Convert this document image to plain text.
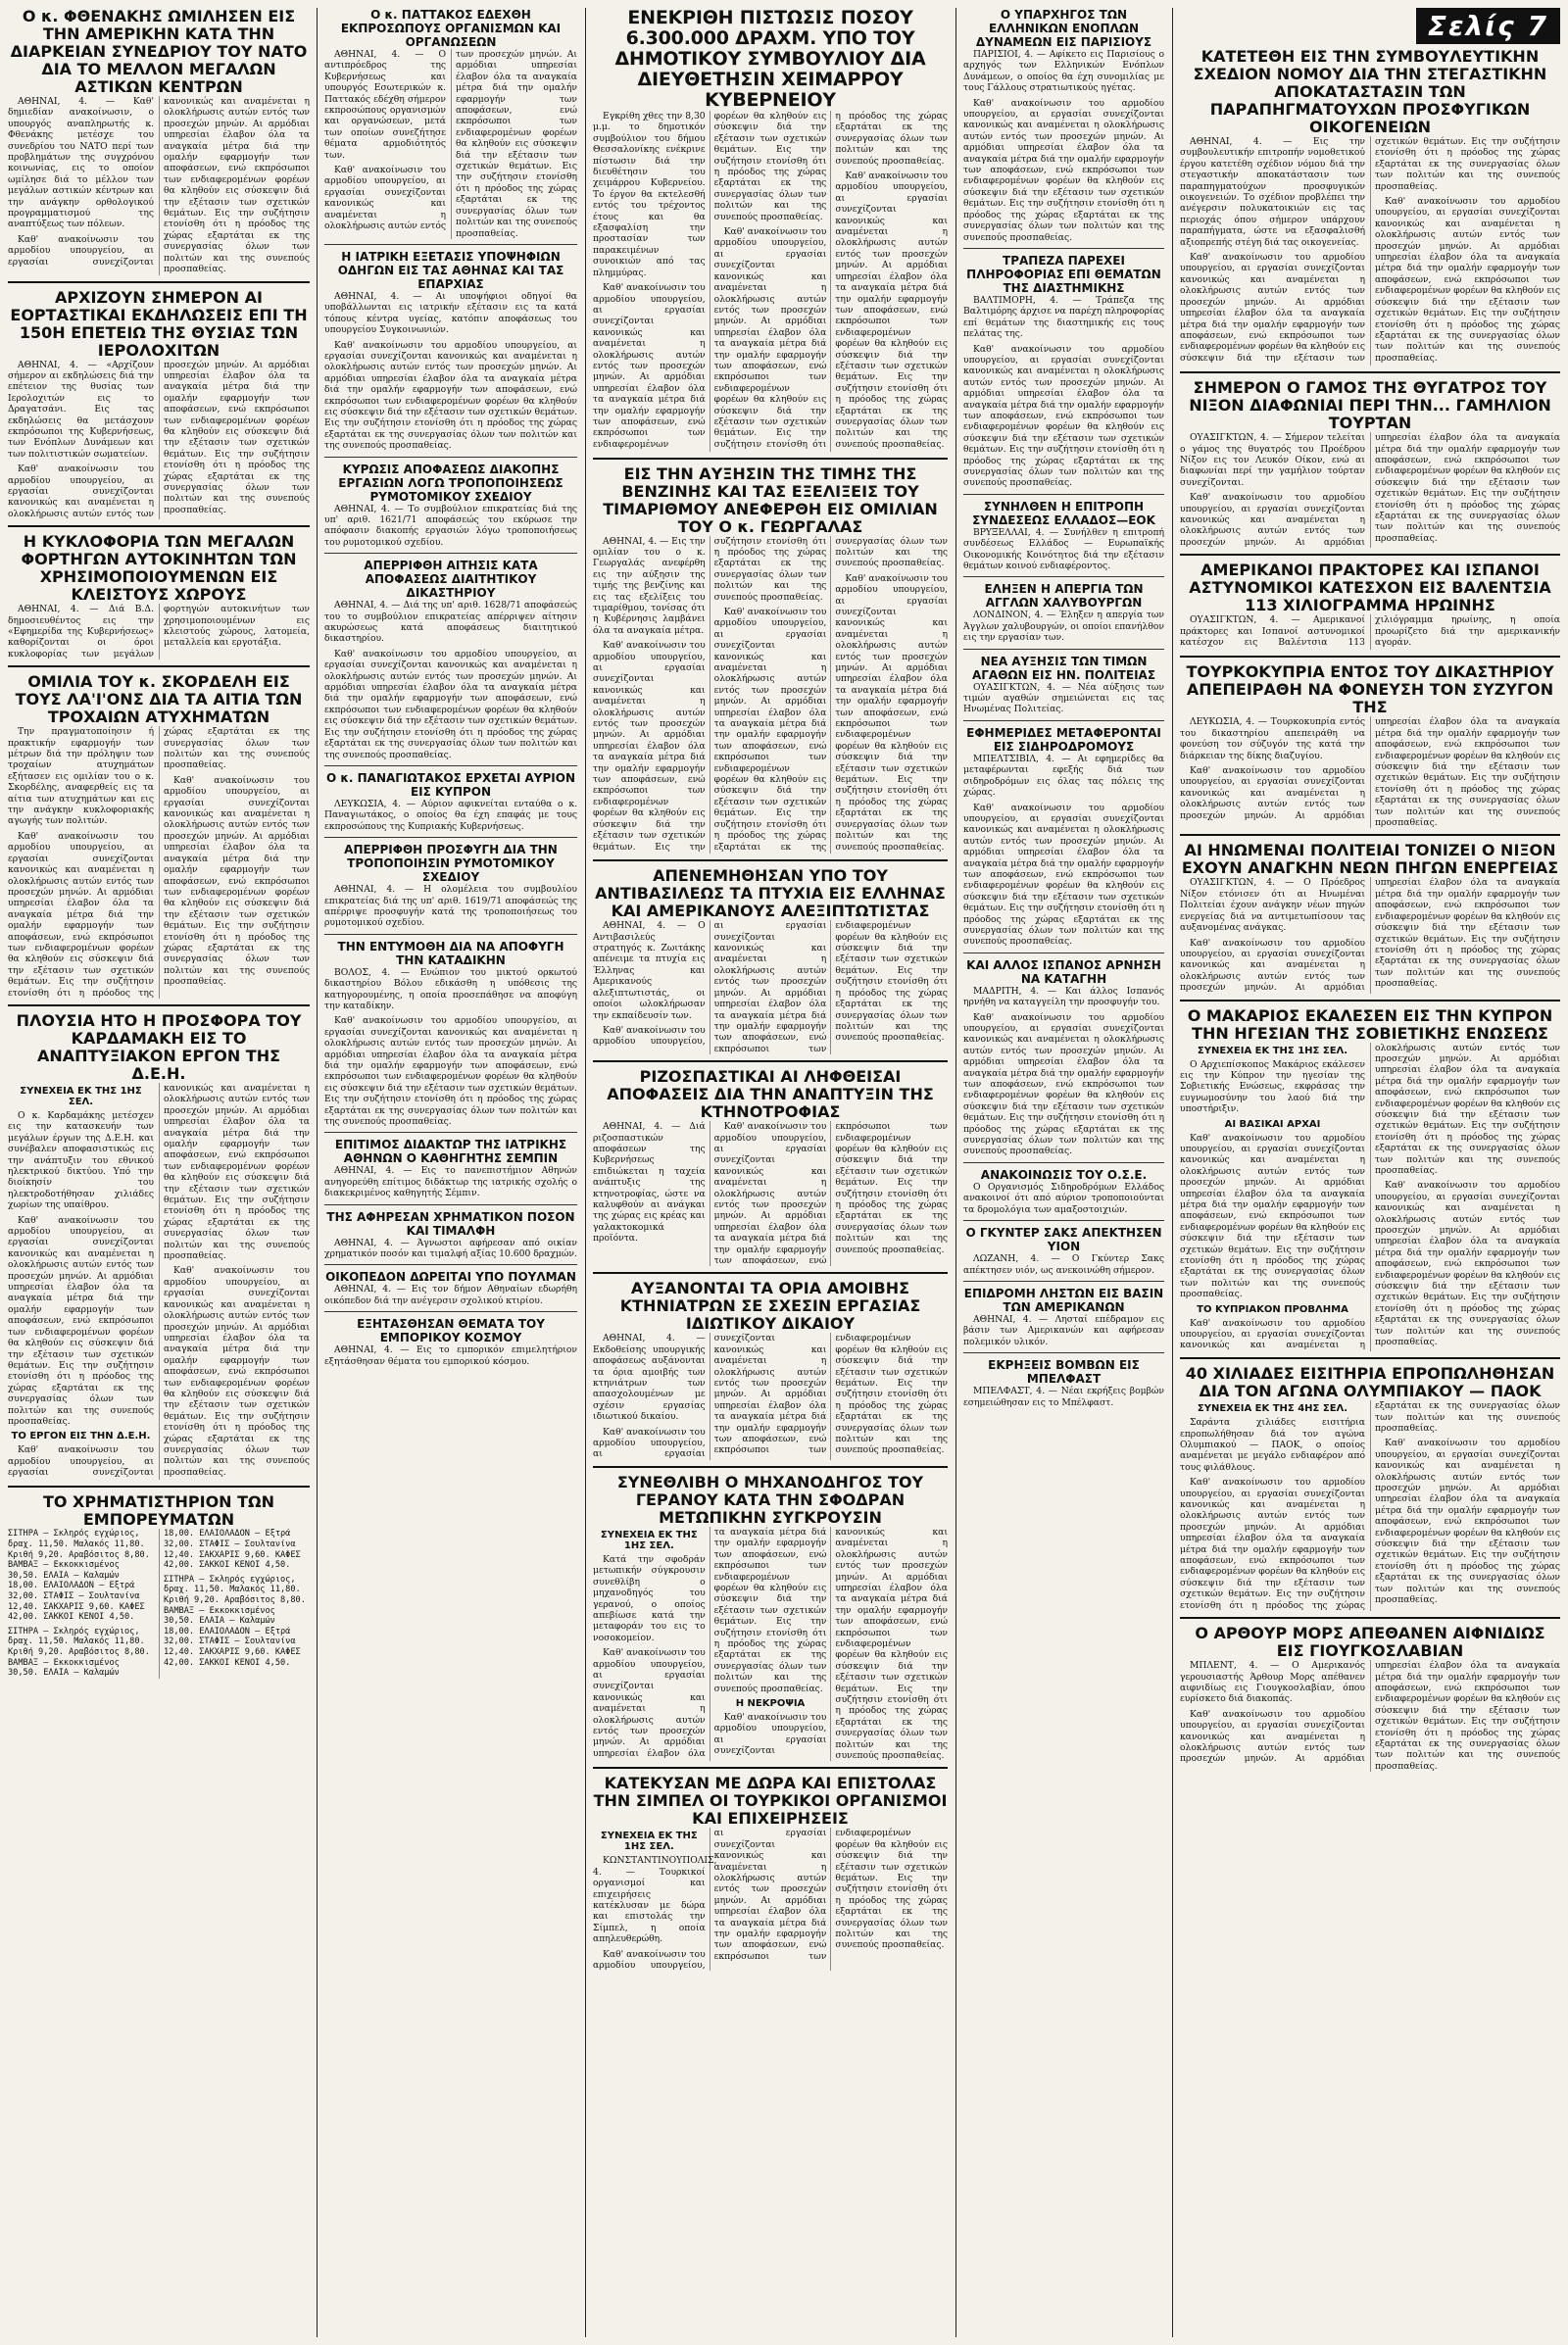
Ο κ. ΦΘΕΝΑΚΗΣ ΩΜΙΛΗΣΕΝ ΕΙΣ ΤΗΝ ΑΜΕΡΙΚΗΝ ΚΑΤΑ ΤΗΝ ΔΙΑΡΚΕΙΑΝ ΣΥΝΕΔΡΙΟΥ ΤΟΥ ΝΑΤΟ ΔΙΑ ΤΟ ΜΕΛΛΟΝ ΜΕΓΑΛΩΝ ΑΣΤΙΚΩΝ ΚΕΝΤΡΩΝ

ΑΘΗΝΑΙ, 4. — Καθ' δημιεδίαν ανακοίνωσιν, ο υπουργός αναπληρωτής κ. Φθενάκης μετέσχε του συνεδρίου του ΝΑΤΟ περί των προβλημάτων της συγχρόνου κοινωνίας, εις το οποίον ωμίλησε διά το μέλλον των μεγάλων αστικών κέντρων και την ανάγκην ορθολογικού προγραμματισμού της αναπτύξεως των πόλεων.

Καθ' ανακοίνωσιν του αρμοδίου υπουργείου, αι εργασίαι συνεχίζονται κανονικώς και αναμένεται η ολοκλήρωσις αυτών εντός των προσεχών μηνών. Αι αρμόδιαι υπηρεσίαι έλαβον όλα τα αναγκαία μέτρα διά την ομαλήν εφαρμογήν των αποφάσεων, ενώ εκπρόσωποι των ενδιαφερομένων φορέων θα κληθούν εις σύσκεψιν διά την εξέτασιν των σχετικών θεμάτων. Εις την συζήτησιν ετονίσθη ότι η πρόοδος της χώρας εξαρτάται εκ της συνεργασίας όλων των πολιτών και της συνεπούς προσπαθείας.

ΑΡΧΙΖΟΥΝ ΣΗΜΕΡΟΝ ΑΙ ΕΟΡΤΑΣΤΙΚΑΙ ΕΚΔΗΛΩΣΕΙΣ ΕΠΙ ΤΗ 150Η ΕΠΕΤΕΙΩ ΤΗΣ ΘΥΣΙΑΣ ΤΩΝ ΙΕΡΟΛΟΧΙΤΩΝ

ΑΘΗΝΑΙ, 4. — «Αρχίζουν σήμερον αι εκδηλώσεις διά την επέτειον της θυσίας των Ιερολοχιτών εις το Δραγατσάνι. Εις τας εκδηλώσεις θα μετάσχουν εκπρόσωποι της Κυβερνήσεως, των Ενόπλων Δυνάμεων και των πολιτιστικών σωματείων.

Καθ' ανακοίνωσιν του αρμοδίου υπουργείου, αι εργασίαι συνεχίζονται κανονικώς και αναμένεται η ολοκλήρωσις αυτών εντός των προσεχών μηνών. Αι αρμόδιαι υπηρεσίαι έλαβον όλα τα αναγκαία μέτρα διά την ομαλήν εφαρμογήν των αποφάσεων, ενώ εκπρόσωποι των ενδιαφερομένων φορέων θα κληθούν εις σύσκεψιν διά την εξέτασιν των σχετικών θεμάτων. Εις την συζήτησιν ετονίσθη ότι η πρόοδος της χώρας εξαρτάται εκ της συνεργασίας όλων των πολιτών και της συνεπούς προσπαθείας.

Η ΚΥΚΛΟΦΟΡΙΑ ΤΩΝ ΜΕΓΑΛΩΝ ΦΟΡΤΗΓΩΝ ΑΥΤΟΚΙΝΗΤΩΝ ΤΩΝ ΧΡΗΣΙΜΟΠΟΙΟΥΜΕΝΩΝ ΕΙΣ ΚΛΕΙΣΤΟΥΣ ΧΩΡΟΥΣ

ΑΘΗΝΑΙ, 4. — Διά Β.Δ. δημοσιευθέντος εις την «Εφημερίδα της Κυβερνήσεως» καθορίζονται οι όροι κυκλοφορίας των μεγάλων φορτηγών αυτοκινήτων των χρησιμοποιουμένων εις κλειστούς χώρους, λατομεία, μεταλλεία και εργοτάξια.

ΟΜΙΛΙΑ ΤΟΥ κ. ΣΚΟΡΔΕΛΗ ΕΙΣ ΤΟΥΣ ΛΑ'Ι'ΟΝΣ ΔΙΑ ΤΑ ΑΙΤΙΑ ΤΩΝ ΤΡΟΧΑΙΩΝ ΑΤΥΧΗΜΑΤΩΝ

Την πραγματοποίησιν ή πρακτικήν εφαρμογήν των μέτρων διά την πρόληψιν των τροχαίων ατυχημάτων εξήτασεν εις ομιλίαν του ο κ. Σκορδέλης, αναφερθείς εις τα αίτια των ατυχημάτων και εις την ανάγκην κυκλοφοριακής αγωγής των πολιτών.

Καθ' ανακοίνωσιν του αρμοδίου υπουργείου, αι εργασίαι συνεχίζονται κανονικώς και αναμένεται η ολοκλήρωσις αυτών εντός των προσεχών μηνών. Αι αρμόδιαι υπηρεσίαι έλαβον όλα τα αναγκαία μέτρα διά την ομαλήν εφαρμογήν των αποφάσεων, ενώ εκπρόσωποι των ενδιαφερομένων φορέων θα κληθούν εις σύσκεψιν διά την εξέτασιν των σχετικών θεμάτων. Εις την συζήτησιν ετονίσθη ότι η πρόοδος της χώρας εξαρτάται εκ της συνεργασίας όλων των πολιτών και της συνεπούς προσπαθείας.

Καθ' ανακοίνωσιν του αρμοδίου υπουργείου, αι εργασίαι συνεχίζονται κανονικώς και αναμένεται η ολοκλήρωσις αυτών εντός των προσεχών μηνών. Αι αρμόδιαι υπηρεσίαι έλαβον όλα τα αναγκαία μέτρα διά την ομαλήν εφαρμογήν των αποφάσεων, ενώ εκπρόσωποι των ενδιαφερομένων φορέων θα κληθούν εις σύσκεψιν διά την εξέτασιν των σχετικών θεμάτων. Εις την συζήτησιν ετονίσθη ότι η πρόοδος της χώρας εξαρτάται εκ της συνεργασίας όλων των πολιτών και της συνεπούς προσπαθείας.

ΠΛΟΥΣΙΑ ΗΤΟ Η ΠΡΟΣΦΟΡΑ ΤΟΥ ΚΑΡΔΑΜΑΚΗ ΕΙΣ ΤΟ ΑΝΑΠΤΥΞΙΑΚΟΝ ΕΡΓΟΝ ΤΗΣ Δ.Ε.Η.
ΣΥΝΕΧΕΙΑ ΕΚ ΤΗΣ 1ΗΣ ΣΕΛ.

Ο κ. Καρδαμάκης μετέσχεν εις την κατασκευήν των μεγάλων έργων της Δ.Ε.Η. και συνέβαλεν αποφασιστικώς εις την ανάπτυξιν του εθνικού ηλεκτρικού δικτύου. Υπό την διοίκησίν του ηλεκτροδοτήθησαν χιλιάδες χωρίων της υπαίθρου.

Καθ' ανακοίνωσιν του αρμοδίου υπουργείου, αι εργασίαι συνεχίζονται κανονικώς και αναμένεται η ολοκλήρωσις αυτών εντός των προσεχών μηνών. Αι αρμόδιαι υπηρεσίαι έλαβον όλα τα αναγκαία μέτρα διά την ομαλήν εφαρμογήν των αποφάσεων, ενώ εκπρόσωποι των ενδιαφερομένων φορέων θα κληθούν εις σύσκεψιν διά την εξέτασιν των σχετικών θεμάτων. Εις την συζήτησιν ετονίσθη ότι η πρόοδος της χώρας εξαρτάται εκ της συνεργασίας όλων των πολιτών και της συνεπούς προσπαθείας.

ΤΟ ΕΡΓΟΝ ΕΙΣ ΤΗΝ Δ.Ε.Η.

Καθ' ανακοίνωσιν του αρμοδίου υπουργείου, αι εργασίαι συνεχίζονται κανονικώς και αναμένεται η ολοκλήρωσις αυτών εντός των προσεχών μηνών. Αι αρμόδιαι υπηρεσίαι έλαβον όλα τα αναγκαία μέτρα διά την ομαλήν εφαρμογήν των αποφάσεων, ενώ εκπρόσωποι των ενδιαφερομένων φορέων θα κληθούν εις σύσκεψιν διά την εξέτασιν των σχετικών θεμάτων. Εις την συζήτησιν ετονίσθη ότι η πρόοδος της χώρας εξαρτάται εκ της συνεργασίας όλων των πολιτών και της συνεπούς προσπαθείας.

Καθ' ανακοίνωσιν του αρμοδίου υπουργείου, αι εργασίαι συνεχίζονται κανονικώς και αναμένεται η ολοκλήρωσις αυτών εντός των προσεχών μηνών. Αι αρμόδιαι υπηρεσίαι έλαβον όλα τα αναγκαία μέτρα διά την ομαλήν εφαρμογήν των αποφάσεων, ενώ εκπρόσωποι των ενδιαφερομένων φορέων θα κληθούν εις σύσκεψιν διά την εξέτασιν των σχετικών θεμάτων. Εις την συζήτησιν ετονίσθη ότι η πρόοδος της χώρας εξαρτάται εκ της συνεργασίας όλων των πολιτών και της συνεπούς προσπαθείας.

ΤΟ ΧΡΗΜΑΤΙΣΤΗΡΙΟΝ ΤΩΝ ΕΜΠΟΡΕΥΜΑΤΩΝ

ΣΙΤΗΡΑ — Σκληρός εγχώριος, δραχ. 11,50. Μαλακός 11,80. Κριθή 9,20. Αραβόσιτος 8,80. ΒΑΜΒΑΞ — Εκκοκκισμένος 30,50. ΕΛΑΙΑ — Καλαμών 18,00. ΕΛΑΙΟΛΑΔΟΝ — Εξτρά 32,00. ΣΤΑΦΙΣ — Σουλτανίνα 12,40. ΣΑΚΧΑΡΙΣ 9,60. ΚΑΦΕΣ 42,00. ΣΑΚΚΟΙ ΚΕΝΟΙ 4,50.

ΣΙΤΗΡΑ — Σκληρός εγχώριος, δραχ. 11,50. Μαλακός 11,80. Κριθή 9,20. Αραβόσιτος 8,80. ΒΑΜΒΑΞ — Εκκοκκισμένος 30,50. ΕΛΑΙΑ — Καλαμών 18,00. ΕΛΑΙΟΛΑΔΟΝ — Εξτρά 32,00. ΣΤΑΦΙΣ — Σουλτανίνα 12,40. ΣΑΚΧΑΡΙΣ 9,60. ΚΑΦΕΣ 42,00. ΣΑΚΚΟΙ ΚΕΝΟΙ 4,50.

ΣΙΤΗΡΑ — Σκληρός εγχώριος, δραχ. 11,50. Μαλακός 11,80. Κριθή 9,20. Αραβόσιτος 8,80. ΒΑΜΒΑΞ — Εκκοκκισμένος 30,50. ΕΛΑΙΑ — Καλαμών 18,00. ΕΛΑΙΟΛΑΔΟΝ — Εξτρά 32,00. ΣΤΑΦΙΣ — Σουλτανίνα 12,40. ΣΑΚΧΑΡΙΣ 9,60. ΚΑΦΕΣ 42,00. ΣΑΚΚΟΙ ΚΕΝΟΙ 4,50.

Ο κ. ΠΑΤΤΑΚΟΣ ΕΔΕΧΘΗ ΕΚΠΡΟΣΩΠΟΥΣ ΟΡΓΑΝΙΣΜΩΝ ΚΑΙ ΟΡΓΑΝΩΣΕΩΝ

ΑΘΗΝΑΙ, 4. — Ο αντιπρόεδρος της Κυβερνήσεως και υπουργός Εσωτερικών κ. Παττακός εδέχθη σήμερον εκπροσώπους οργανισμών και οργανώσεων, μετά των οποίων συνεζήτησε θέματα αρμοδιότητός των.

Καθ' ανακοίνωσιν του αρμοδίου υπουργείου, αι εργασίαι συνεχίζονται κανονικώς και αναμένεται η ολοκλήρωσις αυτών εντός των προσεχών μηνών. Αι αρμόδιαι υπηρεσίαι έλαβον όλα τα αναγκαία μέτρα διά την ομαλήν εφαρμογήν των αποφάσεων, ενώ εκπρόσωποι των ενδιαφερομένων φορέων θα κληθούν εις σύσκεψιν διά την εξέτασιν των σχετικών θεμάτων. Εις την συζήτησιν ετονίσθη ότι η πρόοδος της χώρας εξαρτάται εκ της συνεργασίας όλων των πολιτών και της συνεπούς προσπαθείας.

Η ΙΑΤΡΙΚΗ ΕΞΕΤΑΣΙΣ ΥΠΟΨΗΦΙΩΝ ΟΔΗΓΩΝ ΕΙΣ ΤΑΣ ΑΘΗΝΑΣ ΚΑΙ ΤΑΣ ΕΠΑΡΧΙΑΣ

ΑΘΗΝΑΙ, 4. — Αι υποψήφιοι οδηγοί θα υποβάλλωνται εις ιατρικήν εξέτασιν εις τα κατά τόπους κέντρα υγείας, κατόπιν αποφάσεως του υπουργείου Συγκοινωνιών.

Καθ' ανακοίνωσιν του αρμοδίου υπουργείου, αι εργασίαι συνεχίζονται κανονικώς και αναμένεται η ολοκλήρωσις αυτών εντός των προσεχών μηνών. Αι αρμόδιαι υπηρεσίαι έλαβον όλα τα αναγκαία μέτρα διά την ομαλήν εφαρμογήν των αποφάσεων, ενώ εκπρόσωποι των ενδιαφερομένων φορέων θα κληθούν εις σύσκεψιν διά την εξέτασιν των σχετικών θεμάτων. Εις την συζήτησιν ετονίσθη ότι η πρόοδος της χώρας εξαρτάται εκ της συνεργασίας όλων των πολιτών και της συνεπούς προσπαθείας.

ΚΥΡΩΣΙΣ ΑΠΟΦΑΣΕΩΣ ΔΙΑΚΟΠΗΣ ΕΡΓΑΣΙΩΝ ΛΟΓΩ ΤΡΟΠΟΠΟΙΗΣΕΩΣ ΡΥΜΟΤΟΜΙΚΟΥ ΣΧΕΔΙΟΥ

ΑΘΗΝΑΙ, 4. — Το συμβούλιον επικρατείας διά της υπ' αριθ. 1621/71 αποφάσεώς του εκύρωσε την απόφασιν διακοπής εργασιών λόγω τροποποιήσεως του ρυμοτομικού σχεδίου.

ΑΠΕΡΡΙΦΘΗ ΑΙΤΗΣΙΣ ΚΑΤΑ ΑΠΟΦΑΣΕΩΣ ΔΙΑΙΤΗΤΙΚΟΥ ΔΙΚΑΣΤΗΡΙΟΥ

ΑΘΗΝΑΙ, 4. — Διά της υπ' αριθ. 1628/71 αποφάσεώς του το συμβούλιον επικρατείας απέρριψεν αίτησιν ακυρώσεως κατά αποφάσεως διαιτητικού δικαστηρίου.

Καθ' ανακοίνωσιν του αρμοδίου υπουργείου, αι εργασίαι συνεχίζονται κανονικώς και αναμένεται η ολοκλήρωσις αυτών εντός των προσεχών μηνών. Αι αρμόδιαι υπηρεσίαι έλαβον όλα τα αναγκαία μέτρα διά την ομαλήν εφαρμογήν των αποφάσεων, ενώ εκπρόσωποι των ενδιαφερομένων φορέων θα κληθούν εις σύσκεψιν διά την εξέτασιν των σχετικών θεμάτων. Εις την συζήτησιν ετονίσθη ότι η πρόοδος της χώρας εξαρτάται εκ της συνεργασίας όλων των πολιτών και της συνεπούς προσπαθείας.

Ο κ. ΠΑΝΑΓΙΩΤΑΚΟΣ ΕΡΧΕΤΑΙ ΑΥΡΙΟΝ ΕΙΣ ΚΥΠΡΟΝ

ΛΕΥΚΩΣΙΑ, 4. — Αύριον αφικνείται ενταύθα ο κ. Παναγιωτάκος, ο οποίος θα έχη επαφάς με τους εκπροσώπους της Κυπριακής Κυβερνήσεως.

ΑΠΕΡΡΙΦΘΗ ΠΡΟΣΦΥΓΗ ΔΙΑ ΤΗΝ ΤΡΟΠΟΠΟΙΗΣΙΝ ΡΥΜΟΤΟΜΙΚΟΥ ΣΧΕΔΙΟΥ

ΑΘΗΝΑΙ, 4. — Η ολομέλεια του συμβουλίου επικρατείας διά της υπ' αριθ. 1619/71 αποφάσεώς της απέρριψε προσφυγήν κατά της τροποποιήσεως του ρυμοτομικού σχεδίου.

ΤΗΝ ΕΝΤΥΜΟΘΗ ΔΙΑ ΝΑ ΑΠΟΦΥΓΗ ΤΗΝ ΚΑΤΑΔΙΚΗΝ

ΒΟΛΟΣ, 4. — Ενώπιον του μικτού ορκωτού δικαστηρίου Βόλου εδικάσθη η υπόθεσις της κατηγορουμένης, η οποία προσεπάθησε να αποφύγη την καταδίκην.

Καθ' ανακοίνωσιν του αρμοδίου υπουργείου, αι εργασίαι συνεχίζονται κανονικώς και αναμένεται η ολοκλήρωσις αυτών εντός των προσεχών μηνών. Αι αρμόδιαι υπηρεσίαι έλαβον όλα τα αναγκαία μέτρα διά την ομαλήν εφαρμογήν των αποφάσεων, ενώ εκπρόσωποι των ενδιαφερομένων φορέων θα κληθούν εις σύσκεψιν διά την εξέτασιν των σχετικών θεμάτων. Εις την συζήτησιν ετονίσθη ότι η πρόοδος της χώρας εξαρτάται εκ της συνεργασίας όλων των πολιτών και της συνεπούς προσπαθείας.

ΕΠΙΤΙΜΟΣ ΔΙΔΑΚΤΩΡ ΤΗΣ ΙΑΤΡΙΚΗΣ ΑΘΗΝΩΝ Ο ΚΑΘΗΓΗΤΗΣ ΣΕΜΠΙΝ

ΑΘΗΝΑΙ, 4. — Εις το πανεπιστήμιον Αθηνών ανηγορεύθη επίτιμος διδάκτωρ της ιατρικής σχολής ο διακεκριμένος καθηγητής Σέμπιν.

ΤΗΣ ΑΦΗΡΕΣΑΝ ΧΡΗΜΑΤΙΚΟΝ ΠΟΣΟΝ ΚΑΙ ΤΙΜΑΛΦΗ

ΑΘΗΝΑΙ, 4. — Άγνωστοι αφήρεσαν από οικίαν χρηματικόν ποσόν και τιμαλφή αξίας 10.600 δραχμών.

ΟΙΚΟΠΕΔΟΝ ΔΩΡΕΙΤΑΙ ΥΠΟ ΠΟΥΛΜΑΝ

ΑΘΗΝΑΙ, 4. — Εις τον δήμον Αθηναίων εδωρήθη οικόπεδον διά την ανέγερσιν σχολικού κτιρίου.

ΕΞΗΤΑΣΘΗΣΑΝ ΘΕΜΑΤΑ ΤΟΥ ΕΜΠΟΡΙΚΟΥ ΚΟΣΜΟΥ

ΑΘΗΝΑΙ, 4. — Εις το εμπορικόν επιμελητήριον εξητάσθησαν θέματα του εμπορικού κόσμου.

ΕΝΕΚΡΙΘΗ ΠΙΣΤΩΣΙΣ ΠΟΣΟΥ 6.300.000 ΔΡΑΧΜ. ΥΠΟ ΤΟΥ ΔΗΜΟΤΙΚΟΥ ΣΥΜΒΟΥΛΙΟΥ ΔΙΑ ΔΙΕΥΘΕΤΗΣΙΝ ΧΕΙΜΑΡΡΟΥ ΚΥΒΕΡΝΕΙΟΥ

Εγκρίθη χθες την 8,30 μ.μ. το δημοτικόν συμβούλιον του δήμου Θεσσαλονίκης ενέκρινε πίστωσιν διά την διευθέτησιν του χειμάρρου Κυβερνείου. Το έργον θα εκτελεσθή εντός του τρέχοντος έτους και θα εξασφαλίση την προστασίαν των παρακειμένων συνοικιών από τας πλημμύρας.

Καθ' ανακοίνωσιν του αρμοδίου υπουργείου, αι εργασίαι συνεχίζονται κανονικώς και αναμένεται η ολοκλήρωσις αυτών εντός των προσεχών μηνών. Αι αρμόδιαι υπηρεσίαι έλαβον όλα τα αναγκαία μέτρα διά την ομαλήν εφαρμογήν των αποφάσεων, ενώ εκπρόσωποι των ενδιαφερομένων φορέων θα κληθούν εις σύσκεψιν διά την εξέτασιν των σχετικών θεμάτων. Εις την συζήτησιν ετονίσθη ότι η πρόοδος της χώρας εξαρτάται εκ της συνεργασίας όλων των πολιτών και της συνεπούς προσπαθείας.

Καθ' ανακοίνωσιν του αρμοδίου υπουργείου, αι εργασίαι συνεχίζονται κανονικώς και αναμένεται η ολοκλήρωσις αυτών εντός των προσεχών μηνών. Αι αρμόδιαι υπηρεσίαι έλαβον όλα τα αναγκαία μέτρα διά την ομαλήν εφαρμογήν των αποφάσεων, ενώ εκπρόσωποι των ενδιαφερομένων φορέων θα κληθούν εις σύσκεψιν διά την εξέτασιν των σχετικών θεμάτων. Εις την συζήτησιν ετονίσθη ότι η πρόοδος της χώρας εξαρτάται εκ της συνεργασίας όλων των πολιτών και της συνεπούς προσπαθείας.

Καθ' ανακοίνωσιν του αρμοδίου υπουργείου, αι εργασίαι συνεχίζονται κανονικώς και αναμένεται η ολοκλήρωσις αυτών εντός των προσεχών μηνών. Αι αρμόδιαι υπηρεσίαι έλαβον όλα τα αναγκαία μέτρα διά την ομαλήν εφαρμογήν των αποφάσεων, ενώ εκπρόσωποι των ενδιαφερομένων φορέων θα κληθούν εις σύσκεψιν διά την εξέτασιν των σχετικών θεμάτων. Εις την συζήτησιν ετονίσθη ότι η πρόοδος της χώρας εξαρτάται εκ της συνεργασίας όλων των πολιτών και της συνεπούς προσπαθείας.

ΕΙΣ ΤΗΝ ΑΥΞΗΣΙΝ ΤΗΣ ΤΙΜΗΣ ΤΗΣ ΒΕΝΖΙΝΗΣ ΚΑΙ ΤΑΣ ΕΞΕΛΙΞΕΙΣ ΤΟΥ ΤΙΜΑΡΙΘΜΟΥ ΑΝΕΦΕΡΘΗ ΕΙΣ ΟΜΙΛΙΑΝ ΤΟΥ Ο κ. ΓΕΩΡΓΑΛΑΣ

ΑΘΗΝΑΙ, 4. — Εις την ομιλίαν του ο κ. Γεωργαλάς ανεφέρθη εις την αύξησιν της τιμής της βενζίνης και εις τας εξελίξεις του τιμαρίθμου, τονίσας ότι η Κυβέρνησις λαμβάνει όλα τα αναγκαία μέτρα.

Καθ' ανακοίνωσιν του αρμοδίου υπουργείου, αι εργασίαι συνεχίζονται κανονικώς και αναμένεται η ολοκλήρωσις αυτών εντός των προσεχών μηνών. Αι αρμόδιαι υπηρεσίαι έλαβον όλα τα αναγκαία μέτρα διά την ομαλήν εφαρμογήν των αποφάσεων, ενώ εκπρόσωποι των ενδιαφερομένων φορέων θα κληθούν εις σύσκεψιν διά την εξέτασιν των σχετικών θεμάτων. Εις την συζήτησιν ετονίσθη ότι η πρόοδος της χώρας εξαρτάται εκ της συνεργασίας όλων των πολιτών και της συνεπούς προσπαθείας.

Καθ' ανακοίνωσιν του αρμοδίου υπουργείου, αι εργασίαι συνεχίζονται κανονικώς και αναμένεται η ολοκλήρωσις αυτών εντός των προσεχών μηνών. Αι αρμόδιαι υπηρεσίαι έλαβον όλα τα αναγκαία μέτρα διά την ομαλήν εφαρμογήν των αποφάσεων, ενώ εκπρόσωποι των ενδιαφερομένων φορέων θα κληθούν εις σύσκεψιν διά την εξέτασιν των σχετικών θεμάτων. Εις την συζήτησιν ετονίσθη ότι η πρόοδος της χώρας εξαρτάται εκ της συνεργασίας όλων των πολιτών και της συνεπούς προσπαθείας.

Καθ' ανακοίνωσιν του αρμοδίου υπουργείου, αι εργασίαι συνεχίζονται κανονικώς και αναμένεται η ολοκλήρωσις αυτών εντός των προσεχών μηνών. Αι αρμόδιαι υπηρεσίαι έλαβον όλα τα αναγκαία μέτρα διά την ομαλήν εφαρμογήν των αποφάσεων, ενώ εκπρόσωποι των ενδιαφερομένων φορέων θα κληθούν εις σύσκεψιν διά την εξέτασιν των σχετικών θεμάτων. Εις την συζήτησιν ετονίσθη ότι η πρόοδος της χώρας εξαρτάται εκ της συνεργασίας όλων των πολιτών και της συνεπούς προσπαθείας.

ΑΠΕΝΕΜΗΘΗΣΑΝ ΥΠΟ ΤΟΥ ΑΝΤΙΒΑΣΙΛΕΩΣ ΤΑ ΠΤΥΧΙΑ ΕΙΣ ΕΛΛΗΝΑΣ ΚΑΙ ΑΜΕΡΙΚΑΝΟΥΣ ΑΛΕΞΙΠΤΩΤΙΣΤΑΣ

ΑΘΗΝΑΙ, 4. — Ο Αντιβασιλεύς στρατηγός κ. Ζωιτάκης απένειμε τα πτυχία εις Έλληνας και Αμερικανούς αλεξιπτωτιστάς, οι οποίοι ωλοκλήρωσαν την εκπαίδευσίν των.

Καθ' ανακοίνωσιν του αρμοδίου υπουργείου, αι εργασίαι συνεχίζονται κανονικώς και αναμένεται η ολοκλήρωσις αυτών εντός των προσεχών μηνών. Αι αρμόδιαι υπηρεσίαι έλαβον όλα τα αναγκαία μέτρα διά την ομαλήν εφαρμογήν των αποφάσεων, ενώ εκπρόσωποι των ενδιαφερομένων φορέων θα κληθούν εις σύσκεψιν διά την εξέτασιν των σχετικών θεμάτων. Εις την συζήτησιν ετονίσθη ότι η πρόοδος της χώρας εξαρτάται εκ της συνεργασίας όλων των πολιτών και της συνεπούς προσπαθείας.

ΡΙΖΟΣΠΑΣΤΙΚΑΙ ΑΙ ΛΗΦΘΕΙΣΑΙ ΑΠΟΦΑΣΕΙΣ ΔΙΑ ΤΗΝ ΑΝΑΠΤΥΞΙΝ ΤΗΣ ΚΤΗΝΟΤΡΟΦΙΑΣ

ΑΘΗΝΑΙ, 4. — Διά ριζοσπαστικών αποφάσεων της Κυβερνήσεως επιδιώκεται η ταχεία ανάπτυξις της κτηνοτροφίας, ώστε να καλυφθούν αι ανάγκαι της χώρας εις κρέας και γαλακτοκομικά προϊόντα.

Καθ' ανακοίνωσιν του αρμοδίου υπουργείου, αι εργασίαι συνεχίζονται κανονικώς και αναμένεται η ολοκλήρωσις αυτών εντός των προσεχών μηνών. Αι αρμόδιαι υπηρεσίαι έλαβον όλα τα αναγκαία μέτρα διά την ομαλήν εφαρμογήν των αποφάσεων, ενώ εκπρόσωποι των ενδιαφερομένων φορέων θα κληθούν εις σύσκεψιν διά την εξέτασιν των σχετικών θεμάτων. Εις την συζήτησιν ετονίσθη ότι η πρόοδος της χώρας εξαρτάται εκ της συνεργασίας όλων των πολιτών και της συνεπούς προσπαθείας.

ΑΥΞΑΝΟΝΤΑΙ ΤΑ ΟΡΙΑ ΑΜΟΙΒΗΣ ΚΤΗΝΙΑΤΡΩΝ ΣΕ ΣΧΕΣΙΝ ΕΡΓΑΣΙΑΣ ΙΔΙΩΤΙΚΟΥ ΔΙΚΑΙΟΥ

ΑΘΗΝΑΙ, 4. — Εκδοθείσης υπουργικής αποφάσεως αυξάνονται τα όρια αμοιβής των κτηνιάτρων των απασχολουμένων με σχέσιν εργασίας ιδιωτικού δικαίου.

Καθ' ανακοίνωσιν του αρμοδίου υπουργείου, αι εργασίαι συνεχίζονται κανονικώς και αναμένεται η ολοκλήρωσις αυτών εντός των προσεχών μηνών. Αι αρμόδιαι υπηρεσίαι έλαβον όλα τα αναγκαία μέτρα διά την ομαλήν εφαρμογήν των αποφάσεων, ενώ εκπρόσωποι των ενδιαφερομένων φορέων θα κληθούν εις σύσκεψιν διά την εξέτασιν των σχετικών θεμάτων. Εις την συζήτησιν ετονίσθη ότι η πρόοδος της χώρας εξαρτάται εκ της συνεργασίας όλων των πολιτών και της συνεπούς προσπαθείας.

ΣΥΝΕΘΛΙΒΗ Ο ΜΗΧΑΝΟΔΗΓΟΣ ΤΟΥ ΓΕΡΑΝΟΥ ΚΑΤΑ ΤΗΝ ΣΦΟΔΡΑΝ ΜΕΤΩΠΙΚΗΝ ΣΥΓΚΡΟΥΣΙΝ
ΣΥΝΕΧΕΙΑ ΕΚ ΤΗΣ 1ΗΣ ΣΕΛ.

Κατά την σφοδράν μετωπικήν σύγκρουσιν συνεθλίβη ο μηχανοδηγός του γερανού, ο οποίος απεβίωσε κατά την μεταφοράν του εις το νοσοκομείον.

Καθ' ανακοίνωσιν του αρμοδίου υπουργείου, αι εργασίαι συνεχίζονται κανονικώς και αναμένεται η ολοκλήρωσις αυτών εντός των προσεχών μηνών. Αι αρμόδιαι υπηρεσίαι έλαβον όλα τα αναγκαία μέτρα διά την ομαλήν εφαρμογήν των αποφάσεων, ενώ εκπρόσωποι των ενδιαφερομένων φορέων θα κληθούν εις σύσκεψιν διά την εξέτασιν των σχετικών θεμάτων. Εις την συζήτησιν ετονίσθη ότι η πρόοδος της χώρας εξαρτάται εκ της συνεργασίας όλων των πολιτών και της συνεπούς προσπαθείας.

Η ΝΕΚΡΟΨΙΑ

Καθ' ανακοίνωσιν του αρμοδίου υπουργείου, αι εργασίαι συνεχίζονται κανονικώς και αναμένεται η ολοκλήρωσις αυτών εντός των προσεχών μηνών. Αι αρμόδιαι υπηρεσίαι έλαβον όλα τα αναγκαία μέτρα διά την ομαλήν εφαρμογήν των αποφάσεων, ενώ εκπρόσωποι των ενδιαφερομένων φορέων θα κληθούν εις σύσκεψιν διά την εξέτασιν των σχετικών θεμάτων. Εις την συζήτησιν ετονίσθη ότι η πρόοδος της χώρας εξαρτάται εκ της συνεργασίας όλων των πολιτών και της συνεπούς προσπαθείας.

ΚΑΤΕΚΥΣΑΝ ΜΕ ΔΩΡΑ ΚΑΙ ΕΠΙΣΤΟΛΑΣ ΤΗΝ ΣΙΜΠΕΛ ΟΙ ΤΟΥΡΚΙΚΟΙ ΟΡΓΑΝΙΣΜΟΙ ΚΑΙ ΕΠΙΧΕΙΡΗΣΕΙΣ
ΣΥΝΕΧΕΙΑ ΕΚ ΤΗΣ 1ΗΣ ΣΕΛ.

ΚΩΝΣΤΑΝΤΙΝΟΥΠΟΛΙΣ, 4. — Τουρκικοί οργανισμοί και επιχειρήσεις κατέκλυσαν με δώρα και επιστολάς την Σίμπελ, η οποία απηλευθερώθη.

Καθ' ανακοίνωσιν του αρμοδίου υπουργείου, αι εργασίαι συνεχίζονται κανονικώς και αναμένεται η ολοκλήρωσις αυτών εντός των προσεχών μηνών. Αι αρμόδιαι υπηρεσίαι έλαβον όλα τα αναγκαία μέτρα διά την ομαλήν εφαρμογήν των αποφάσεων, ενώ εκπρόσωποι των ενδιαφερομένων φορέων θα κληθούν εις σύσκεψιν διά την εξέτασιν των σχετικών θεμάτων. Εις την συζήτησιν ετονίσθη ότι η πρόοδος της χώρας εξαρτάται εκ της συνεργασίας όλων των πολιτών και της συνεπούς προσπαθείας.

Ο ΥΠΑΡΧΗΓΟΣ ΤΩΝ ΕΛΛΗΝΙΚΩΝ ΕΝΟΠΛΩΝ ΔΥΝΑΜΕΩΝ ΕΙΣ ΠΑΡΙΣΙΟΥΣ

ΠΑΡΙΣΙΟΙ, 4. — Αφίκετο εις Παρισίους ο αρχηγός των Ελληνικών Ενόπλων Δυνάμεων, ο οποίος θα έχη συνομιλίας με τους Γάλλους στρατιωτικούς ηγέτας.

Καθ' ανακοίνωσιν του αρμοδίου υπουργείου, αι εργασίαι συνεχίζονται κανονικώς και αναμένεται η ολοκλήρωσις αυτών εντός των προσεχών μηνών. Αι αρμόδιαι υπηρεσίαι έλαβον όλα τα αναγκαία μέτρα διά την ομαλήν εφαρμογήν των αποφάσεων, ενώ εκπρόσωποι των ενδιαφερομένων φορέων θα κληθούν εις σύσκεψιν διά την εξέτασιν των σχετικών θεμάτων. Εις την συζήτησιν ετονίσθη ότι η πρόοδος της χώρας εξαρτάται εκ της συνεργασίας όλων των πολιτών και της συνεπούς προσπαθείας.

ΤΡΑΠΕΖΑ ΠΑΡΕΧΕΙ ΠΛΗΡΟΦΟΡΙΑΣ ΕΠΙ ΘΕΜΑΤΩΝ ΤΗΣ ΔΙΑΣΤΗΜΙΚΗΣ

ΒΑΛΤΙΜΟΡΗ, 4. — Τράπεζα της Βαλτιμόρης άρχισε να παρέχη πληροφορίας επί θεμάτων της διαστημικής εις τους πελάτας της.

Καθ' ανακοίνωσιν του αρμοδίου υπουργείου, αι εργασίαι συνεχίζονται κανονικώς και αναμένεται η ολοκλήρωσις αυτών εντός των προσεχών μηνών. Αι αρμόδιαι υπηρεσίαι έλαβον όλα τα αναγκαία μέτρα διά την ομαλήν εφαρμογήν των αποφάσεων, ενώ εκπρόσωποι των ενδιαφερομένων φορέων θα κληθούν εις σύσκεψιν διά την εξέτασιν των σχετικών θεμάτων. Εις την συζήτησιν ετονίσθη ότι η πρόοδος της χώρας εξαρτάται εκ της συνεργασίας όλων των πολιτών και της συνεπούς προσπαθείας.

ΣΥΝΗΛΘΕΝ Η ΕΠΙΤΡΟΠΗ ΣΥΝΔΕΣΕΩΣ ΕΛΛΑΔΟΣ—ΕΟΚ

ΒΡΥΞΕΛΛΑΙ, 4. — Συνήλθεν η επιτροπή συνδέσεως Ελλάδος — Ευρωπαϊκής Οικονομικής Κοινότητος διά την εξέτασιν θεμάτων κοινού ενδιαφέροντος.

ΕΛΗΞΕΝ Η ΑΠΕΡΓΙΑ ΤΩΝ ΑΓΓΛΩΝ ΧΑΛΥΒΟΥΡΓΩΝ

ΛΟΝΔΙΝΟΝ, 4. — Έληξεν η απεργία των Άγγλων χαλυβουργών, οι οποίοι επανήλθον εις την εργασίαν των.

ΝΕΑ ΑΥΞΗΣΙΣ ΤΩΝ ΤΙΜΩΝ ΑΓΑΘΩΝ ΕΙΣ ΗΝ. ΠΟΛΙΤΕΙΑΣ

ΟΥΑΣΙΓΚΤΩΝ, 4. — Νέα αύξησις των τιμών αγαθών σημειώνεται εις τας Ηνωμένας Πολιτείας.

ΕΦΗΜΕΡΙΔΕΣ ΜΕΤΑΦΕΡΟΝΤΑΙ ΕΙΣ ΣΙΔΗΡΟΔΡΟΜΟΥΣ

ΜΠΕΛΤΣΙΒΙΛ, 4. — Αι εφημερίδες θα μεταφέρωνται εφεξής διά των σιδηροδρόμων εις όλας τας πόλεις της χώρας.

Καθ' ανακοίνωσιν του αρμοδίου υπουργείου, αι εργασίαι συνεχίζονται κανονικώς και αναμένεται η ολοκλήρωσις αυτών εντός των προσεχών μηνών. Αι αρμόδιαι υπηρεσίαι έλαβον όλα τα αναγκαία μέτρα διά την ομαλήν εφαρμογήν των αποφάσεων, ενώ εκπρόσωποι των ενδιαφερομένων φορέων θα κληθούν εις σύσκεψιν διά την εξέτασιν των σχετικών θεμάτων. Εις την συζήτησιν ετονίσθη ότι η πρόοδος της χώρας εξαρτάται εκ της συνεργασίας όλων των πολιτών και της συνεπούς προσπαθείας.

ΚΑΙ ΑΛΛΟΣ ΙΣΠΑΝΟΣ ΑΡΝΗΣΗ ΝΑ ΚΑΤΑΓΗΗ

ΜΑΔΡΙΤΗ, 4. — Και άλλος Ισπανός ηρνήθη να καταγγείλη την προσφυγήν του.

Καθ' ανακοίνωσιν του αρμοδίου υπουργείου, αι εργασίαι συνεχίζονται κανονικώς και αναμένεται η ολοκλήρωσις αυτών εντός των προσεχών μηνών. Αι αρμόδιαι υπηρεσίαι έλαβον όλα τα αναγκαία μέτρα διά την ομαλήν εφαρμογήν των αποφάσεων, ενώ εκπρόσωποι των ενδιαφερομένων φορέων θα κληθούν εις σύσκεψιν διά την εξέτασιν των σχετικών θεμάτων. Εις την συζήτησιν ετονίσθη ότι η πρόοδος της χώρας εξαρτάται εκ της συνεργασίας όλων των πολιτών και της συνεπούς προσπαθείας.

ΑΝΑΚΟΙΝΩΣΙΣ ΤΟΥ Ο.Σ.Ε.

Ο Οργανισμός Σιδηροδρόμων Ελλάδος ανακοινοί ότι από αύριον τροποποιούνται τα δρομολόγια των αμαξοστοιχιών.

Ο ΓΚΥΝΤΕΡ ΣΑΚΣ ΑΠΕΚΤΗΣΕΝ ΥΙΟΝ

ΛΩΖΑΝΗ, 4. — Ο Γκύντερ Σακς απέκτησεν υιόν, ως ανεκοινώθη σήμερον.

ΕΠΙΔΡΟΜΗ ΛΗΣΤΩΝ ΕΙΣ ΒΑΣΙΝ ΤΩΝ ΑΜΕΡΙΚΑΝΩΝ

ΑΘΗΝΑΙ, 4. — Λησταί επέδραμον εις βάσιν των Αμερικανών και αφήρεσαν πολεμικόν υλικόν.

ΕΚΡΗΞΕΙΣ ΒΟΜΒΩΝ ΕΙΣ ΜΠΕΛΦΑΣΤ

ΜΠΕΛΦΑΣΤ, 4. — Νέαι εκρήξεις βομβών εσημειώθησαν εις το Μπέλφαστ.

Σελίς 7
ΚΑΤΕΤΕΘΗ ΕΙΣ ΤΗΝ ΣΥΜΒΟΥΛΕΥΤΙΚΗΝ ΣΧΕΔΙΟΝ ΝΟΜΟΥ ΔΙΑ ΤΗΝ ΣΤΕΓΑΣΤΙΚΗΝ ΑΠΟΚΑΤΑΣΤΑΣΙΝ ΤΩΝ ΠΑΡΑΠΗΓΜΑΤΟΥΧΩΝ ΠΡΟΣΦΥΓΙΚΩΝ ΟΙΚΟΓΕΝΕΙΩΝ

ΑΘΗΝΑΙ, 4. — Εις την συμβουλευτικήν επιτροπήν νομοθετικού έργου κατετέθη σχέδιον νόμου διά την στεγαστικήν αποκατάστασιν των παραπηγματούχων προσφυγικών οικογενειών. Το σχέδιον προβλέπει την ανέγερσιν πολυκατοικιών εις τας περιοχάς όπου σήμερον υπάρχουν παραπήγματα, ώστε να εξασφαλισθή αξιοπρεπής στέγη διά τας οικογενείας.

Καθ' ανακοίνωσιν του αρμοδίου υπουργείου, αι εργασίαι συνεχίζονται κανονικώς και αναμένεται η ολοκλήρωσις αυτών εντός των προσεχών μηνών. Αι αρμόδιαι υπηρεσίαι έλαβον όλα τα αναγκαία μέτρα διά την ομαλήν εφαρμογήν των αποφάσεων, ενώ εκπρόσωποι των ενδιαφερομένων φορέων θα κληθούν εις σύσκεψιν διά την εξέτασιν των σχετικών θεμάτων. Εις την συζήτησιν ετονίσθη ότι η πρόοδος της χώρας εξαρτάται εκ της συνεργασίας όλων των πολιτών και της συνεπούς προσπαθείας.

Καθ' ανακοίνωσιν του αρμοδίου υπουργείου, αι εργασίαι συνεχίζονται κανονικώς και αναμένεται η ολοκλήρωσις αυτών εντός των προσεχών μηνών. Αι αρμόδιαι υπηρεσίαι έλαβον όλα τα αναγκαία μέτρα διά την ομαλήν εφαρμογήν των αποφάσεων, ενώ εκπρόσωποι των ενδιαφερομένων φορέων θα κληθούν εις σύσκεψιν διά την εξέτασιν των σχετικών θεμάτων. Εις την συζήτησιν ετονίσθη ότι η πρόοδος της χώρας εξαρτάται εκ της συνεργασίας όλων των πολιτών και της συνεπούς προσπαθείας.

ΣΗΜΕΡΟΝ Ο ΓΑΜΟΣ ΤΗΣ ΘΥΓΑΤΡΟΣ ΤΟΥ ΝΙΞΟΝ ΔΙΑΦΩΝΙΑΙ ΠΕΡΙ ΤΗΝ... ΓΑΜΗΛΙΟΝ ΤΟΥΡΤΑΝ

ΟΥΑΣΙΓΚΤΩΝ, 4. — Σήμερον τελείται ο γάμος της θυγατρός του Προέδρου Νίξον εις τον Λευκόν Οίκον, ενώ αι διαφωνίαι περί την γαμήλιον τούρταν συνεχίζονται.

Καθ' ανακοίνωσιν του αρμοδίου υπουργείου, αι εργασίαι συνεχίζονται κανονικώς και αναμένεται η ολοκλήρωσις αυτών εντός των προσεχών μηνών. Αι αρμόδιαι υπηρεσίαι έλαβον όλα τα αναγκαία μέτρα διά την ομαλήν εφαρμογήν των αποφάσεων, ενώ εκπρόσωποι των ενδιαφερομένων φορέων θα κληθούν εις σύσκεψιν διά την εξέτασιν των σχετικών θεμάτων. Εις την συζήτησιν ετονίσθη ότι η πρόοδος της χώρας εξαρτάται εκ της συνεργασίας όλων των πολιτών και της συνεπούς προσπαθείας.

ΑΜΕΡΙΚΑΝΟΙ ΠΡΑΚΤΟΡΕΣ ΚΑΙ ΙΣΠΑΝΟΙ ΑΣΤΥΝΟΜΙΚΟΙ ΚΑΤΕΣΧΟΝ ΕΙΣ ΒΑΛΕΝΤΣΙΑ 113 ΧΙΛΙΟΓΡΑΜΜΑ ΗΡΩΙΝΗΣ

ΟΥΑΣΙΓΚΤΩΝ, 4. — Αμερικανοί πράκτορες και Ισπανοί αστυνομικοί κατέσχον εις Βαλέντσια 113 χιλιόγραμμα ηρωίνης, η οποία προωρίζετο διά την αμερικανικήν αγοράν.

ΤΟΥΡΚΟΚΥΠΡΙΑ ΕΝΤΟΣ ΤΟΥ ΔΙΚΑΣΤΗΡΙΟΥ ΑΠΕΠΕΙΡΑΘΗ ΝΑ ΦΟΝΕΥΣΗ ΤΟΝ ΣΥΖΥΓΟΝ ΤΗΣ

ΛΕΥΚΩΣΙΑ, 4. — Τουρκοκυπρία εντός του δικαστηρίου απεπειράθη να φονεύση τον σύζυγόν της κατά την διάρκειαν της δίκης διαζυγίου.

Καθ' ανακοίνωσιν του αρμοδίου υπουργείου, αι εργασίαι συνεχίζονται κανονικώς και αναμένεται η ολοκλήρωσις αυτών εντός των προσεχών μηνών. Αι αρμόδιαι υπηρεσίαι έλαβον όλα τα αναγκαία μέτρα διά την ομαλήν εφαρμογήν των αποφάσεων, ενώ εκπρόσωποι των ενδιαφερομένων φορέων θα κληθούν εις σύσκεψιν διά την εξέτασιν των σχετικών θεμάτων. Εις την συζήτησιν ετονίσθη ότι η πρόοδος της χώρας εξαρτάται εκ της συνεργασίας όλων των πολιτών και της συνεπούς προσπαθείας.

ΑΙ ΗΝΩΜΕΝΑΙ ΠΟΛΙΤΕΙΑΙ ΤΟΝΙΖΕΙ Ο ΝΙΞΟΝ ΕΧΟΥΝ ΑΝΑΓΚΗΝ ΝΕΩΝ ΠΗΓΩΝ ΕΝΕΡΓΕΙΑΣ

ΟΥΑΣΙΓΚΤΩΝ, 4. — Ο Πρόεδρος Νίξον ετόνισεν ότι αι Ηνωμέναι Πολιτείαι έχουν ανάγκην νέων πηγών ενεργείας διά να αντιμετωπίσουν τας αυξανομένας ανάγκας.

Καθ' ανακοίνωσιν του αρμοδίου υπουργείου, αι εργασίαι συνεχίζονται κανονικώς και αναμένεται η ολοκλήρωσις αυτών εντός των προσεχών μηνών. Αι αρμόδιαι υπηρεσίαι έλαβον όλα τα αναγκαία μέτρα διά την ομαλήν εφαρμογήν των αποφάσεων, ενώ εκπρόσωποι των ενδιαφερομένων φορέων θα κληθούν εις σύσκεψιν διά την εξέτασιν των σχετικών θεμάτων. Εις την συζήτησιν ετονίσθη ότι η πρόοδος της χώρας εξαρτάται εκ της συνεργασίας όλων των πολιτών και της συνεπούς προσπαθείας.

Ο ΜΑΚΑΡΙΟΣ ΕΚΑΛΕΣΕΝ ΕΙΣ ΤΗΝ ΚΥΠΡΟΝ ΤΗΝ ΗΓΕΣΙΑΝ ΤΗΣ ΣΟΒΙΕΤΙΚΗΣ ΕΝΩΣΕΩΣ
ΣΥΝΕΧΕΙΑ ΕΚ ΤΗΣ 1ΗΣ ΣΕΛ.

Ο Αρχιεπίσκοπος Μακάριος εκάλεσεν εις την Κύπρον την ηγεσίαν της Σοβιετικής Ενώσεως, εκφράσας την ευγνωμοσύνην του λαού διά την υποστήριξιν.

ΑΙ ΒΑΣΙΚΑΙ ΑΡΧΑΙ

Καθ' ανακοίνωσιν του αρμοδίου υπουργείου, αι εργασίαι συνεχίζονται κανονικώς και αναμένεται η ολοκλήρωσις αυτών εντός των προσεχών μηνών. Αι αρμόδιαι υπηρεσίαι έλαβον όλα τα αναγκαία μέτρα διά την ομαλήν εφαρμογήν των αποφάσεων, ενώ εκπρόσωποι των ενδιαφερομένων φορέων θα κληθούν εις σύσκεψιν διά την εξέτασιν των σχετικών θεμάτων. Εις την συζήτησιν ετονίσθη ότι η πρόοδος της χώρας εξαρτάται εκ της συνεργασίας όλων των πολιτών και της συνεπούς προσπαθείας.

ΤΟ ΚΥΠΡΙΑΚΟΝ ΠΡΟΒΛΗΜΑ

Καθ' ανακοίνωσιν του αρμοδίου υπουργείου, αι εργασίαι συνεχίζονται κανονικώς και αναμένεται η ολοκλήρωσις αυτών εντός των προσεχών μηνών. Αι αρμόδιαι υπηρεσίαι έλαβον όλα τα αναγκαία μέτρα διά την ομαλήν εφαρμογήν των αποφάσεων, ενώ εκπρόσωποι των ενδιαφερομένων φορέων θα κληθούν εις σύσκεψιν διά την εξέτασιν των σχετικών θεμάτων. Εις την συζήτησιν ετονίσθη ότι η πρόοδος της χώρας εξαρτάται εκ της συνεργασίας όλων των πολιτών και της συνεπούς προσπαθείας.

Καθ' ανακοίνωσιν του αρμοδίου υπουργείου, αι εργασίαι συνεχίζονται κανονικώς και αναμένεται η ολοκλήρωσις αυτών εντός των προσεχών μηνών. Αι αρμόδιαι υπηρεσίαι έλαβον όλα τα αναγκαία μέτρα διά την ομαλήν εφαρμογήν των αποφάσεων, ενώ εκπρόσωποι των ενδιαφερομένων φορέων θα κληθούν εις σύσκεψιν διά την εξέτασιν των σχετικών θεμάτων. Εις την συζήτησιν ετονίσθη ότι η πρόοδος της χώρας εξαρτάται εκ της συνεργασίας όλων των πολιτών και της συνεπούς προσπαθείας.

40 ΧΙΛΙΑΔΕΣ ΕΙΣΙΤΗΡΙΑ ΕΠΡΟΠΩΛΗΘΗΣΑΝ ΔΙΑ ΤΟΝ ΑΓΩΝΑ ΟΛΥΜΠΙΑΚΟΥ — ΠΑΟΚ
ΣΥΝΕΧΕΙΑ ΕΚ ΤΗΣ 4ΗΣ ΣΕΛ.

Σαράντα χιλιάδες εισιτήρια επροπωλήθησαν διά τον αγώνα Ολυμπιακού — ΠΑΟΚ, ο οποίος αναμένεται με μεγάλο ενδιαφέρον από τους φιλάθλους.

Καθ' ανακοίνωσιν του αρμοδίου υπουργείου, αι εργασίαι συνεχίζονται κανονικώς και αναμένεται η ολοκλήρωσις αυτών εντός των προσεχών μηνών. Αι αρμόδιαι υπηρεσίαι έλαβον όλα τα αναγκαία μέτρα διά την ομαλήν εφαρμογήν των αποφάσεων, ενώ εκπρόσωποι των ενδιαφερομένων φορέων θα κληθούν εις σύσκεψιν διά την εξέτασιν των σχετικών θεμάτων. Εις την συζήτησιν ετονίσθη ότι η πρόοδος της χώρας εξαρτάται εκ της συνεργασίας όλων των πολιτών και της συνεπούς προσπαθείας.

Καθ' ανακοίνωσιν του αρμοδίου υπουργείου, αι εργασίαι συνεχίζονται κανονικώς και αναμένεται η ολοκλήρωσις αυτών εντός των προσεχών μηνών. Αι αρμόδιαι υπηρεσίαι έλαβον όλα τα αναγκαία μέτρα διά την ομαλήν εφαρμογήν των αποφάσεων, ενώ εκπρόσωποι των ενδιαφερομένων φορέων θα κληθούν εις σύσκεψιν διά την εξέτασιν των σχετικών θεμάτων. Εις την συζήτησιν ετονίσθη ότι η πρόοδος της χώρας εξαρτάται εκ της συνεργασίας όλων των πολιτών και της συνεπούς προσπαθείας.

Ο ΑΡΘΟΥΡ ΜΟΡΣ ΑΠΕΘΑΝΕΝ ΑΙΦΝΙΔΙΩΣ ΕΙΣ ΓΙΟΥΓΚΟΣΛΑΒΙΑΝ

ΜΠΛΕΝΤ, 4. — Ο Αμερικανός γερουσιαστής Άρθουρ Μορς απέθανεν αιφνιδίως εις Γιουγκοσλαβίαν, όπου ευρίσκετο διά διακοπάς.

Καθ' ανακοίνωσιν του αρμοδίου υπουργείου, αι εργασίαι συνεχίζονται κανονικώς και αναμένεται η ολοκλήρωσις αυτών εντός των προσεχών μηνών. Αι αρμόδιαι υπηρεσίαι έλαβον όλα τα αναγκαία μέτρα διά την ομαλήν εφαρμογήν των αποφάσεων, ενώ εκπρόσωποι των ενδιαφερομένων φορέων θα κληθούν εις σύσκεψιν διά την εξέτασιν των σχετικών θεμάτων. Εις την συζήτησιν ετονίσθη ότι η πρόοδος της χώρας εξαρτάται εκ της συνεργασίας όλων των πολιτών και της συνεπούς προσπαθείας.
